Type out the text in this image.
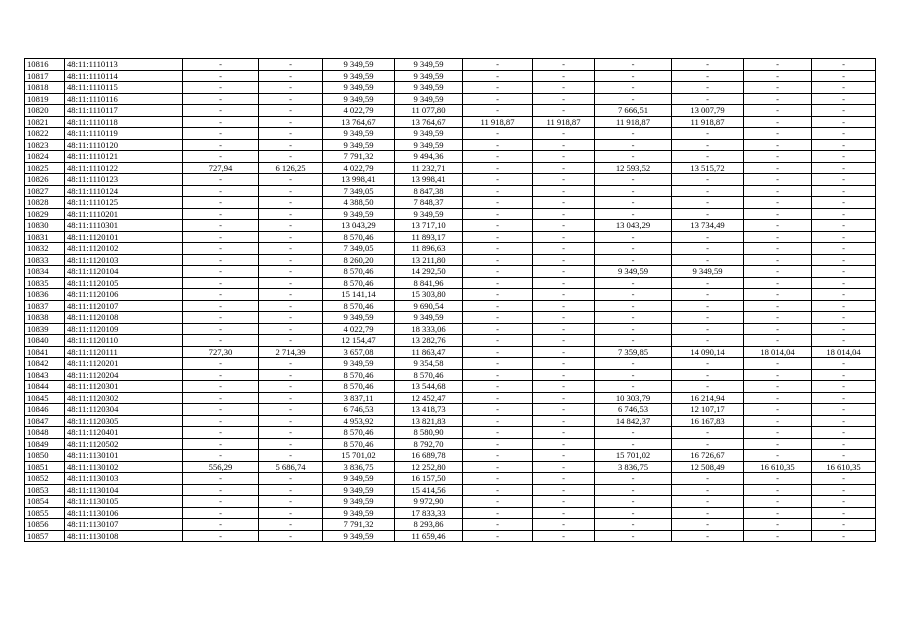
10816	48:11:1110113	-	-	9 349,59	9 349,59	-	-	-	-	-	-
10817	48:11:1110114	-	-	9 349,59	9 349,59	-	-	-	-	-	-
10818	48:11:1110115	-	-	9 349,59	9 349,59	-	-	-	-	-	-
10819	48:11:1110116	-	-	9 349,59	9 349,59	-	-	-	-	-	-
10820	48:11:1110117	-	-	4 022,79	11 077,80	-	-	7 666,51	13 007,79	-	-
10821	48:11:1110118	-	-	13 764,67	13 764,67	11 918,87	11 918,87	11 918,87	11 918,87	-	-
10822	48:11:1110119	-	-	9 349,59	9 349,59	-	-	-	-	-	-
10823	48:11:1110120	-	-	9 349,59	9 349,59	-	-	-	-	-	-
10824	48:11:1110121	-	-	7 791,32	9 494,36	-	-	-	-	-	-
10825	48:11:1110122	727,94	6 126,25	4 022,79	11 232,71	-	-	12 593,52	13 515,72	-	-
10826	48:11:1110123	-	-	13 998,41	13 998,41	-	-	-	-	-	-
10827	48:11:1110124	-	-	7 349,05	8 847,38	-	-	-	-	-	-
10828	48:11:1110125	-	-	4 388,50	7 848,37	-	-	-	-	-	-
10829	48:11:1110201	-	-	9 349,59	9 349,59	-	-	-	-	-	-
10830	48:11:1110301	-	-	13 043,29	13 717,10	-	-	13 043,29	13 734,49	-	-
10831	48:11:1120101	-	-	8 570,46	11 893,17	-	-	-	-	-	-
10832	48:11:1120102	-	-	7 349,05	11 896,63	-	-	-	-	-	-
10833	48:11:1120103	-	-	8 260,20	13 211,80	-	-	-	-	-	-
10834	48:11:1120104	-	-	8 570,46	14 292,50	-	-	9 349,59	9 349,59	-	-
10835	48:11:1120105	-	-	8 570,46	8 841,96	-	-	-	-	-	-
10836	48:11:1120106	-	-	15 141,14	15 303,80	-	-	-	-	-	-
10837	48:11:1120107	-	-	8 570,46	9 690,54	-	-	-	-	-	-
10838	48:11:1120108	-	-	9 349,59	9 349,59	-	-	-	-	-	-
10839	48:11:1120109	-	-	4 022,79	18 333,06	-	-	-	-	-	-
10840	48:11:1120110	-	-	12 154,47	13 282,76	-	-	-	-	-	-
10841	48:11:1120111	727,30	2 714,39	3 657,08	11 863,47	-	-	7 359,85	14 090,14	18 014,04	18 014,04
10842	48:11:1120201	-	-	9 349,59	9 354,58	-	-	-	-	-	-
10843	48:11:1120204	-	-	8 570,46	8 570,46	-	-	-	-	-	-
10844	48:11:1120301	-	-	8 570,46	13 544,68	-	-	-	-	-	-
10845	48:11:1120302	-	-	3 837,11	12 452,47	-	-	10 303,79	16 214,94	-	-
10846	48:11:1120304	-	-	6 746,53	13 418,73	-	-	6 746,53	12 107,17	-	-
10847	48:11:1120305	-	-	4 953,92	13 821,83	-	-	14 842,37	16 167,83	-	-
10848	48:11:1120401	-	-	8 570,46	8 580,90	-	-	-	-	-	-
10849	48:11:1120502	-	-	8 570,46	8 792,70	-	-	-	-	-	-
10850	48:11:1130101	-	-	15 701,02	16 689,78	-	-	15 701,02	16 726,67	-	-
10851	48:11:1130102	556,29	5 686,74	3 836,75	12 252,80	-	-	3 836,75	12 508,49	16 610,35	16 610,35
10852	48:11:1130103	-	-	9 349,59	16 157,50	-	-	-	-	-	-
10853	48:11:1130104	-	-	9 349,59	15 414,56	-	-	-	-	-	-
10854	48:11:1130105	-	-	9 349,59	9 972,90	-	-	-	-	-	-
10855	48:11:1130106	-	-	9 349,59	17 833,33	-	-	-	-	-	-
10856	48:11:1130107	-	-	7 791,32	8 293,86	-	-	-	-	-	-
10857	48:11:1130108	-	-	9 349,59	11 659,46	-	-	-	-	-	-
